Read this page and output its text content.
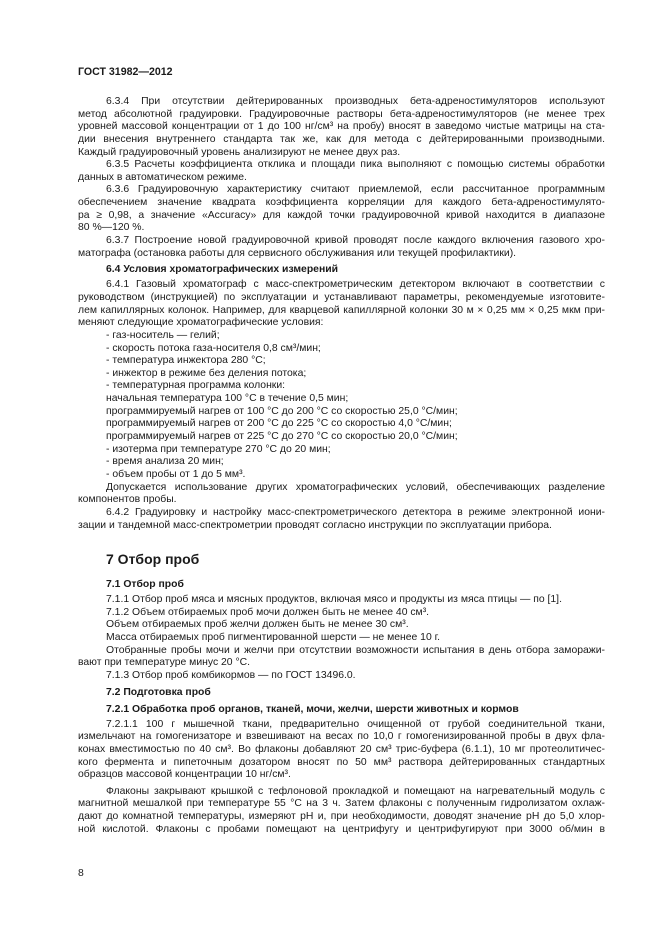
ГОСТ 31982—2012
6.3.4 При отсутствии дейтерированных производных бета-адреностимуляторов используют
метод абсолютной градуировки. Градуировочные растворы бета-адреностимуляторов (не менее трех
уровней массовой концентрации от 1 до 100 нг/см³ на пробу) вносят в заведомо чистые матрицы на ста-
дии внесения внутреннего стандарта так же, как для метода с дейтерированными производными.
Каждый градуировочный уровень анализируют не менее двух раз.
6.3.5 Расчеты коэффициента отклика и площади пика выполняют с помощью системы обработки
данных в автоматическом режиме.
6.3.6 Градуировочную характеристику считают приемлемой, если рассчитанное программным
обеспечением значение квадрата коэффициента корреляции для каждого бета-адреностимулято-
ра ≥ 0,98, а значение «Accuracy» для каждой точки градуировочной кривой находится в диапазоне
80 %—120 %.
6.3.7 Построение новой градуировочной кривой проводят после каждого включения газового хро-
матографа (остановка работы для сервисного обслуживания или текущей профилактики).
6.4 Условия хроматографических измерений
6.4.1 Газовый хроматограф с масс-спектрометрическим детектором включают в соответствии с
руководством (инструкцией) по эксплуатации и устанавливают параметры, рекомендуемые изготовите-
лем капиллярных колонок. Например, для кварцевой капиллярной колонки 30 м × 0,25 мм × 0,25 мкм при-
меняют следующие хроматографические условия:
- газ-носитель — гелий;
- скорость потока газа-носителя 0,8 см³/мин;
- температура инжектора 280 °С;
- инжектор в режиме без деления потока;
- температурная программа колонки:
начальная температура 100 °С в течение 0,5 мин;
программируемый нагрев от 100 °С до 200 °С со скоростью 25,0 °С/мин;
программируемый нагрев от 200 °С до 225 °С со скоростью 4,0 °С/мин;
программируемый нагрев от 225 °С до 270 °С со скоростью 20,0 °С/мин;
- изотерма при температуре 270 °С до 20 мин;
- время анализа 20 мин;
- объем пробы от 1 до 5 мм³.
Допускается использование других хроматографических условий, обеспечивающих разделение
компонентов пробы.
6.4.2 Градуировку и настройку масс-спектрометрического детектора в режиме электронной иони-
зации и тандемной масс-спектрометрии проводят согласно инструкции по эксплуатации прибора.
7 Отбор проб
7.1 Отбор проб
7.1.1 Отбор проб мяса и мясных продуктов, включая мясо и продукты из мяса птицы — по [1].
7.1.2 Объем отбираемых проб мочи должен быть не менее 40 см³.
Объем отбираемых проб желчи должен быть не менее 30 см³.
Масса отбираемых проб пигментированной шерсти — не менее 10 г.
Отобранные пробы мочи и желчи при отсутствии возможности испытания в день отбора заморажи-
вают при температуре минус 20 °С.
7.1.3 Отбор проб комбикормов — по ГОСТ 13496.0.
7.2 Подготовка проб
7.2.1 Обработка проб органов, тканей, мочи, желчи, шерсти животных и кормов
7.2.1.1 100 г мышечной ткани, предварительно очищенной от грубой соединительной ткани,
измельчают на гомогенизаторе и взвешивают на весах по 10,0 г гомогенизированной пробы в двух фла-
конах вместимостью по 40 см³. Во флаконы добавляют 20 см³ трис-буфера (6.1.1), 10 мг протеолитичес-
кого фермента и пипеточным дозатором вносят по 50 мм³ раствора дейтерированных стандартных
образцов массовой концентрации 10 нг/см³.
Флаконы закрывают крышкой с тефлоновой прокладкой и помещают на нагревательный модуль с
магнитной мешалкой при температуре 55 °С на 3 ч. Затем флаконы с полученным гидролизатом охлаж-
дают до комнатной температуры, измеряют рН и, при необходимости, доводят значение рН до 5,0 хлор-
ной кислотой. Флаконы с пробами помещают на центрифугу и центрифугируют при 3000 об/мин в
8
